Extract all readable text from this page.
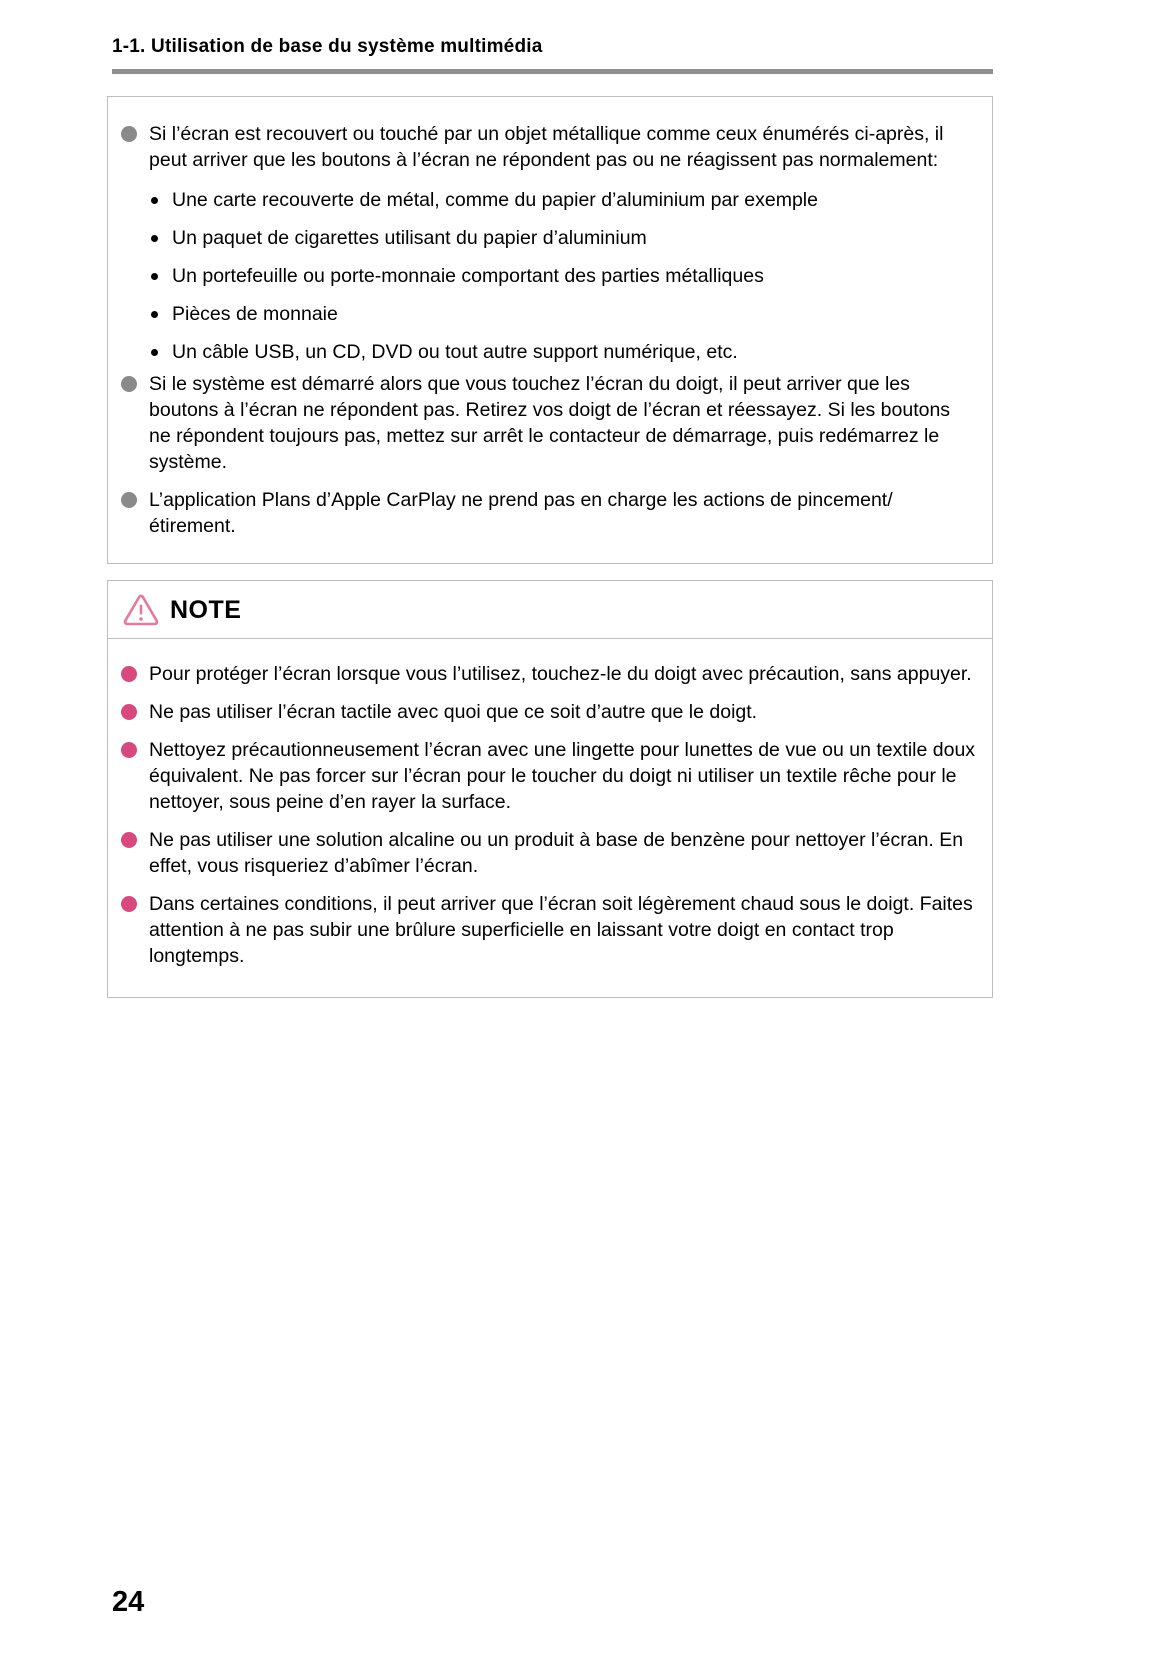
1-1. Utilisation de base du système multimédia
Si l’écran est recouvert ou touché par un objet métallique comme ceux énumérés ci-après, il peut arriver que les boutons à l’écran ne répondent pas ou ne réagissent pas normalement:
Une carte recouverte de métal, comme du papier d’aluminium par exemple
Un paquet de cigarettes utilisant du papier d’aluminium
Un portefeuille ou porte-monnaie comportant des parties métalliques
Pièces de monnaie
Un câble USB, un CD, DVD ou tout autre support numérique, etc.
Si le système est démarré alors que vous touchez l’écran du doigt, il peut arriver que les boutons à l’écran ne répondent pas. Retirez vos doigt de l’écran et réessayez. Si les boutons ne répondent toujours pas, mettez sur arrêt le contacteur de démarrage, puis redémarrez le système.
L’application Plans d’Apple CarPlay ne prend pas en charge les actions de pincement/étirement.
NOTE
Pour protéger l’écran lorsque vous l’utilisez, touchez-le du doigt avec précaution, sans appuyer.
Ne pas utiliser l’écran tactile avec quoi que ce soit d’autre que le doigt.
Nettoyez précautionneusement l’écran avec une lingette pour lunettes de vue ou un textile doux équivalent. Ne pas forcer sur l’écran pour le toucher du doigt ni utiliser un textile rêche pour le nettoyer, sous peine d’en rayer la surface.
Ne pas utiliser une solution alcaline ou un produit à base de benzène pour nettoyer l’écran. En effet, vous risqueriez d’abîmer l’écran.
Dans certaines conditions, il peut arriver que l’écran soit légèrement chaud sous le doigt. Faites attention à ne pas subir une brûlure superficielle en laissant votre doigt en contact trop longtemps.
24
